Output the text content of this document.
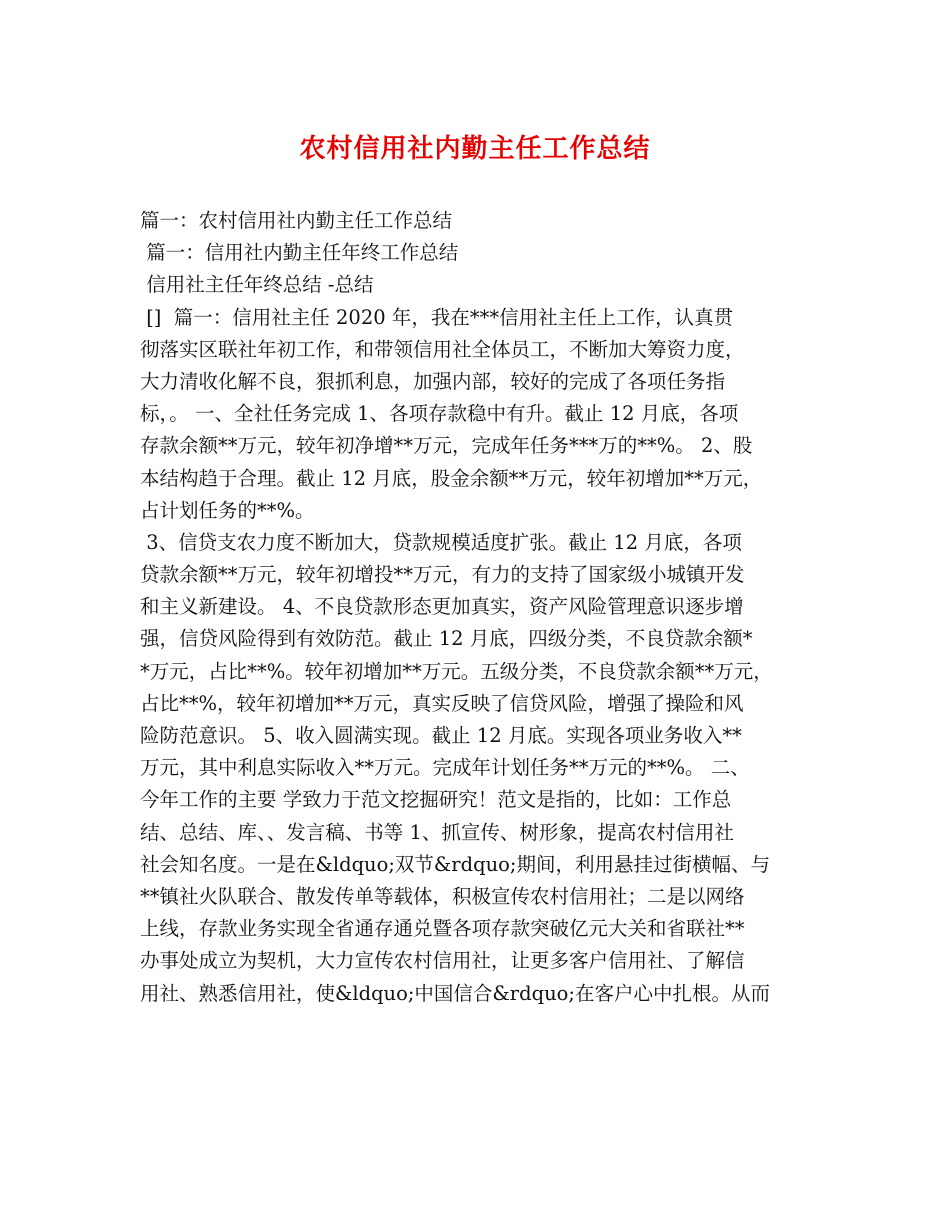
农村信用社内勤主任工作总结
篇一：农村信用社内勤主任工作总结
篇一：信用社内勤主任年终工作总结
信用社主任年终总结 -总结
[]  篇一：信用社主任 2020 年，我在***信用社主任上工作，认真贯
彻落实区联社年初工作，和带领信用社全体员工，不断加大筹资力度，
大力清收化解不良，狠抓利息，加强内部，较好的完成了各项任务指
标，。 一、全社任务完成 1、各项存款稳中有升。截止 12 月底，各项
存款余额**万元，较年初净增**万元，完成年任务***万的**%。 2、股
本结构趋于合理。截止 12 月底，股金余额**万元，较年初增加**万元，
占计划任务的**%。
3、信贷支农力度不断加大，贷款规模适度扩张。截止 12 月底，各项
贷款余额**万元，较年初增投**万元，有力的支持了国家级小城镇开发
和主义新建设。 4、不良贷款形态更加真实，资产风险管理意识逐步增
强，信贷风险得到有效防范。截止 12 月底，四级分类，不良贷款余额*
*万元，占比**%。较年初增加**万元。五级分类，不良贷款余额**万元，
占比**%，较年初增加**万元，真实反映了信贷风险，增强了操险和风
险防范意识。 5、收入圆满实现。截止 12 月底。实现各项业务收入**
万元，其中利息实际收入**万元。完成年计划任务**万元的**%。 二、
今年工作的主要 学致力于范文挖掘研究！范文是指的，比如：工作总
结、总结、库、、发言稿、书等 1、抓宣传、树形象，提高农村信用社
社会知名度。一是在&ldquo;双节&rdquo;期间，利用悬挂过街横幅、与
**镇社火队联合、散发传单等载体，积极宣传农村信用社；二是以网络
上线，存款业务实现全省通存通兑暨各项存款突破亿元大关和省联社**
办事处成立为契机，大力宣传农村信用社，让更多客户信用社、了解信
用社、熟悉信用社，使&ldquo;中国信合&rdquo;在客户心中扎根。从而
